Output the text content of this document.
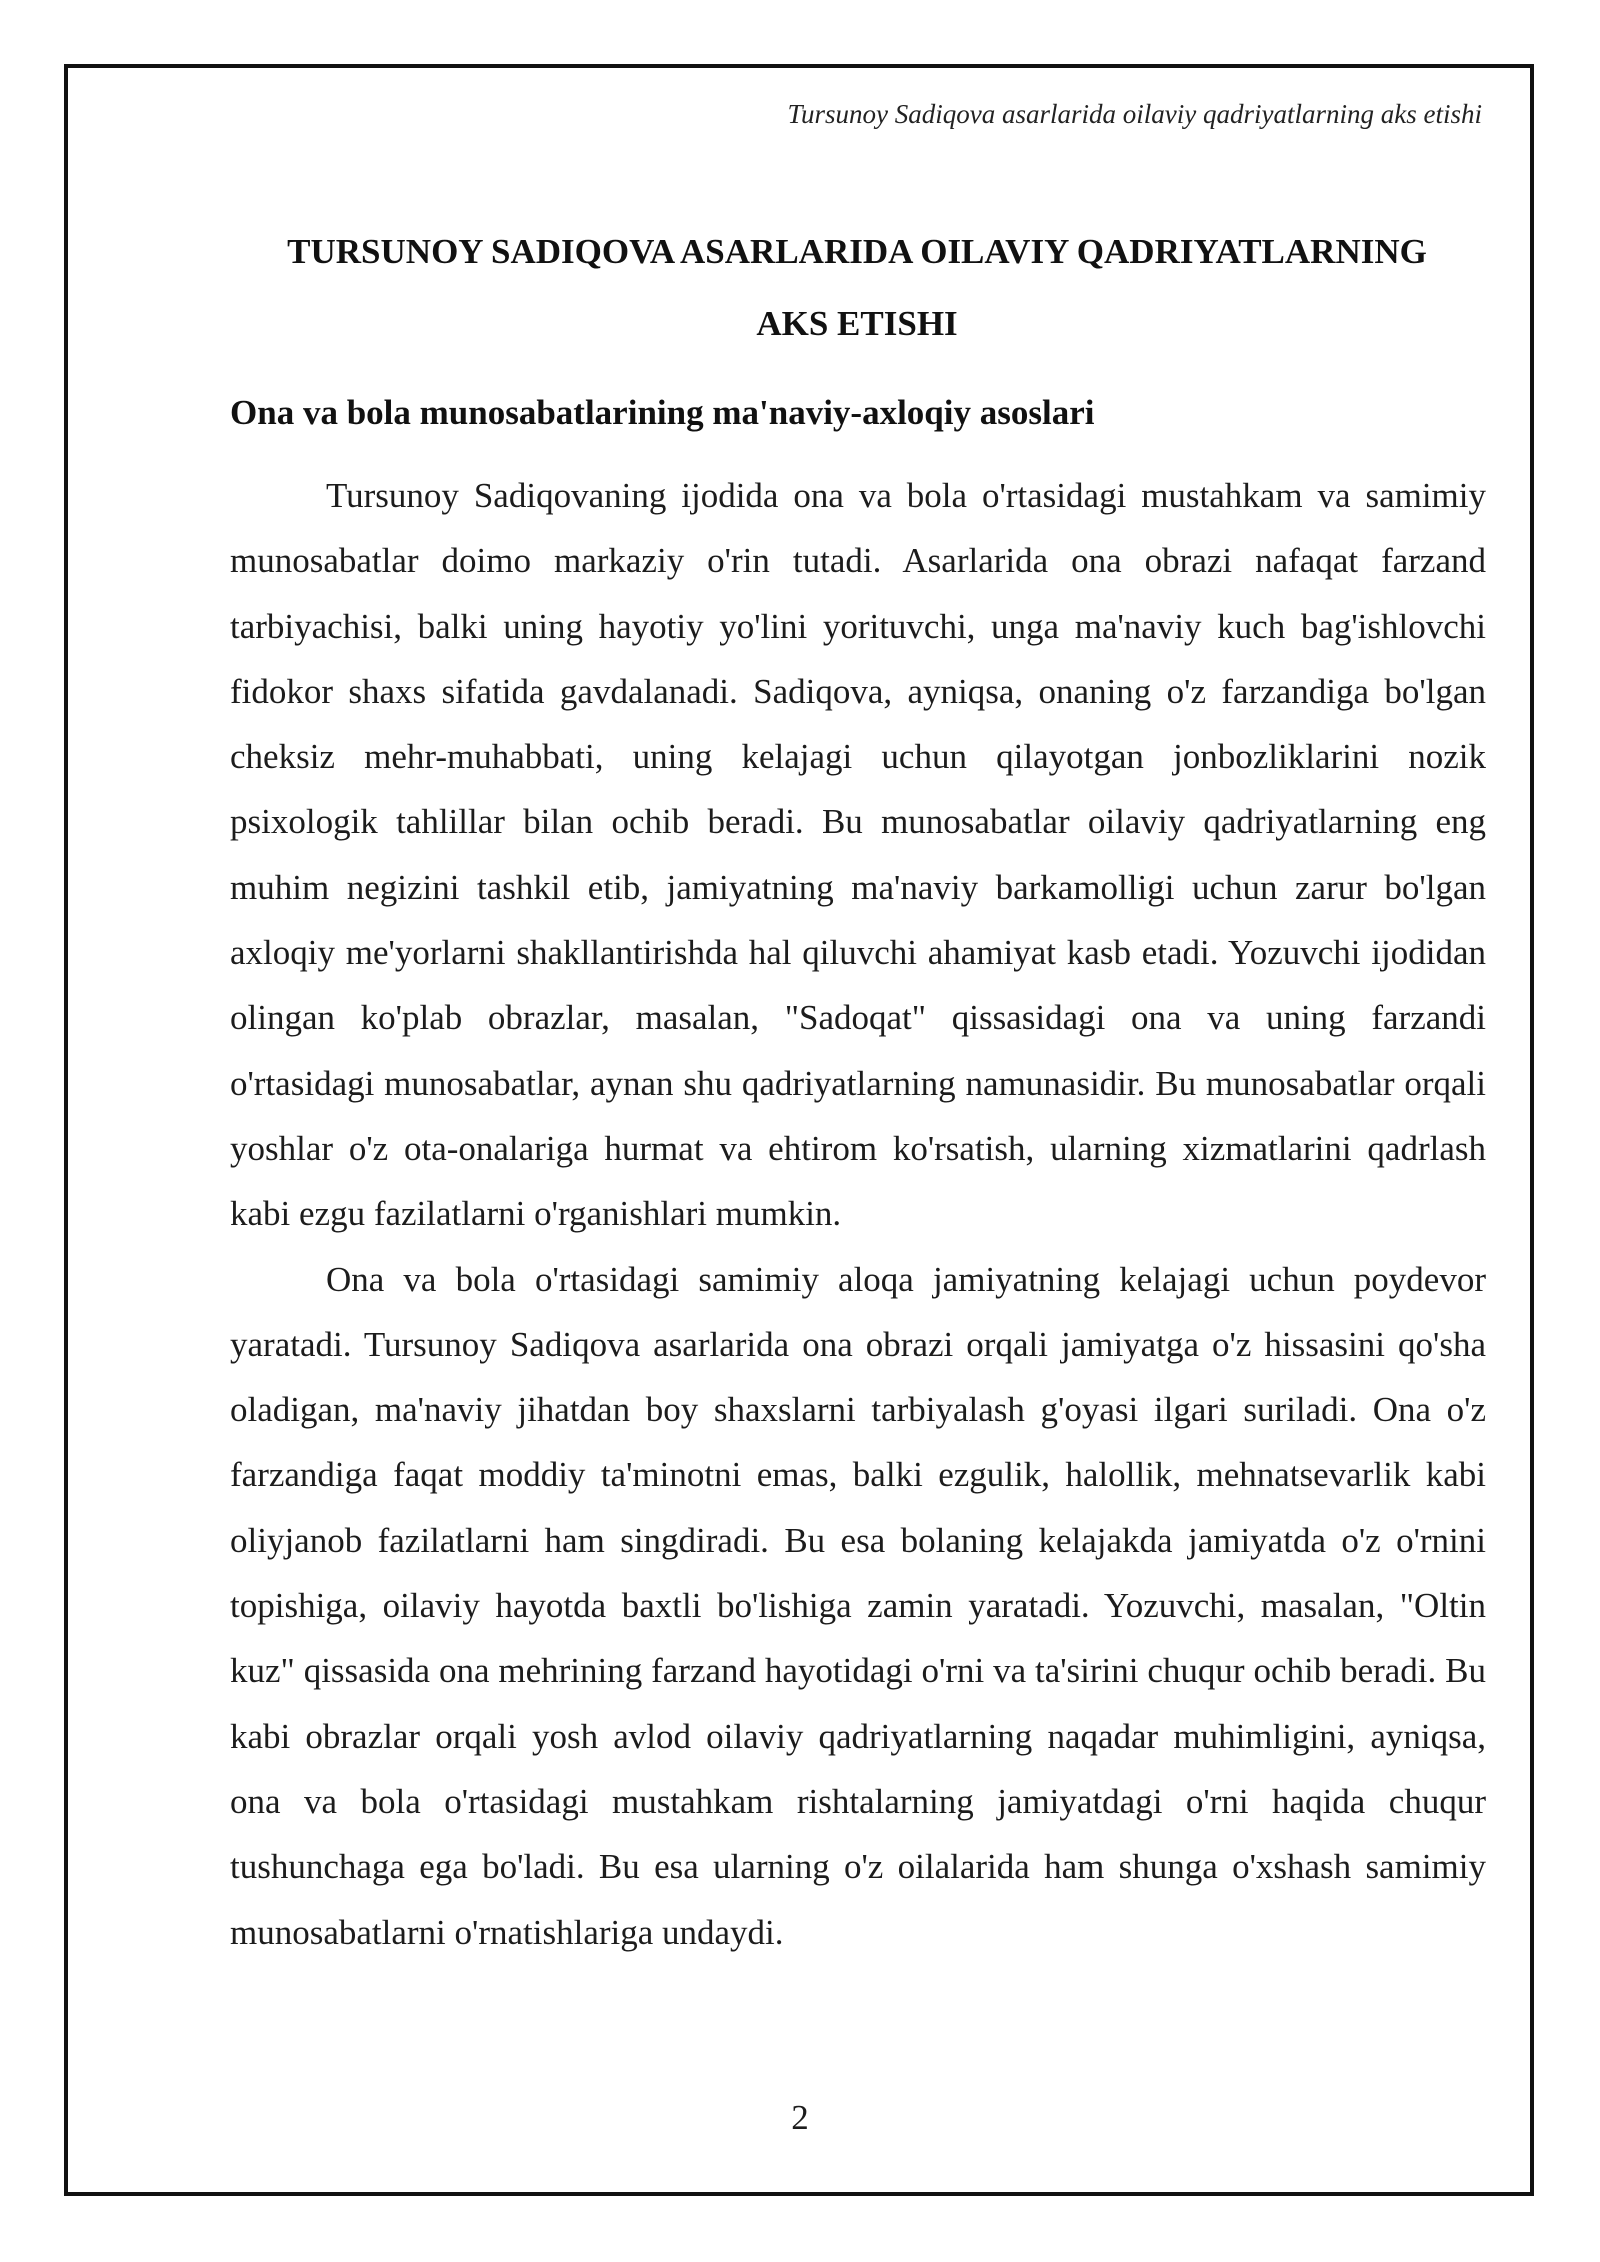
Tursunoy Sadiqova asarlarida oilaviy qadriyatlarning aks etishi
TURSUNOY SADIQOVA ASARLARIDA OILAVIY QADRIYATLARNING
AKS ETISHI
Ona va bola munosabatlarining ma'naviy-axloqiy asoslari

Tursunoy Sadiqovaning ijodida ona va bola o'rtasidagi mustahkam va samimiy munosabatlar doimo markaziy o'rin tutadi. Asarlarida ona obrazi nafaqat farzand tarbiyachisi, balki uning hayotiy yo'lini yorituvchi, unga ma'naviy kuch bag'ishlovchi fidokor shaxs sifatida gavdalanadi. Sadiqova, ayniqsa, onaning o'z farzandiga bo'lgan cheksiz mehr-muhabbati, uning kelajagi uchun qilayotgan jonbozliklarini nozik psixologik tahlillar bilan ochib beradi. Bu munosabatlar oilaviy qadriyatlarning eng muhim negizini tashkil etib, jamiyatning ma'naviy barkamolligi uchun zarur bo'lgan axloqiy me'yorlarni shakllantirishda hal qiluvchi ahamiyat kasb etadi. Yozuvchi ijodidan olingan ko'plab obrazlar, masalan, "Sadoqat" qissasidagi ona va uning farzandi o'rtasidagi munosabatlar, aynan shu qadriyatlarning namunasidir. Bu munosabatlar orqali yoshlar o'z ota-onalariga hurmat va ehtirom ko'rsatish, ularning xizmatlarini qadrlash kabi ezgu fazilatlarni o'rganishlari mumkin.

Ona va bola o'rtasidagi samimiy aloqa jamiyatning kelajagi uchun poydevor yaratadi. Tursunoy Sadiqova asarlarida ona obrazi orqali jamiyatga o'z hissasini qo'sha oladigan, ma'naviy jihatdan boy shaxslarni tarbiyalash g'oyasi ilgari suriladi. Ona o'z farzandiga faqat moddiy ta'minotni emas, balki ezgulik, halollik, mehnatsevarlik kabi oliyjanob fazilatlarni ham singdiradi. Bu esa bolaning kelajakda jamiyatda o'z o'rnini topishiga, oilaviy hayotda baxtli bo'lishiga zamin yaratadi. Yozuvchi, masalan, "Oltin kuz" qissasida ona mehrining farzand hayotidagi o'rni va ta'sirini chuqur ochib beradi. Bu kabi obrazlar orqali yosh avlod oilaviy qadriyatlarning naqadar muhimligini, ayniqsa, ona va bola o'rtasidagi mustahkam rishtalarning jamiyatdagi o'rni haqida chuqur tushunchaga ega bo'ladi. Bu esa ularning o'z oilalarida ham shunga o'xshash samimiy munosabatlarni o'rnatishlariga undaydi.

2
